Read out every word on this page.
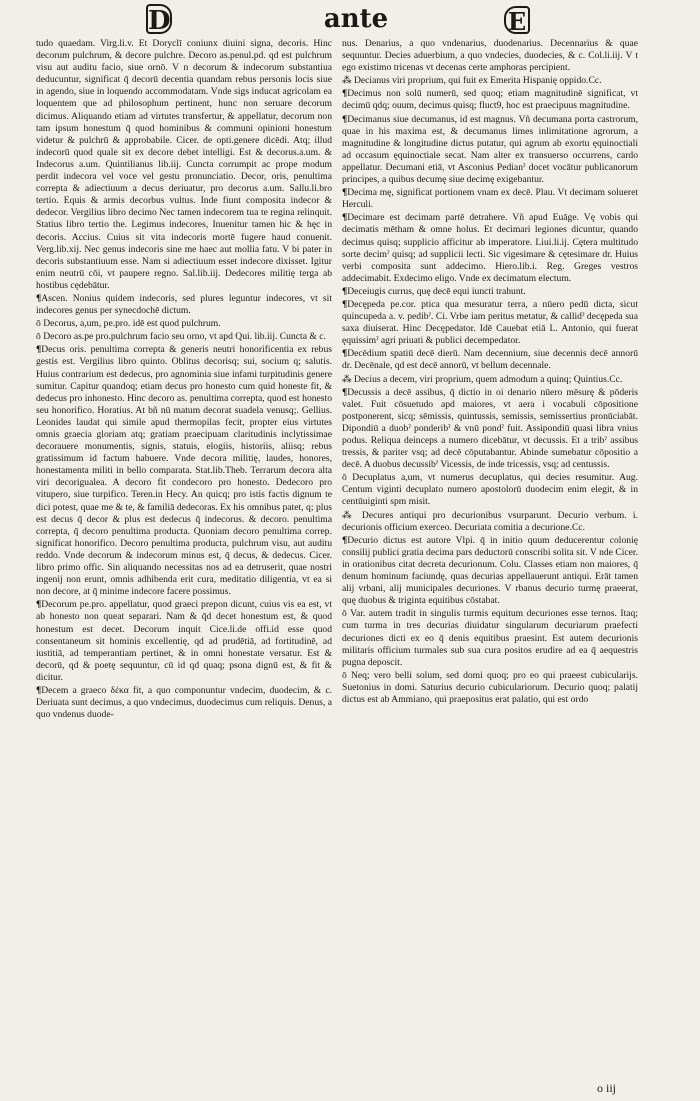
D	ante	E

tudo quaedam. Virg.li.v. Et Doryclī coniunx diuini signa, decoris. Hinc decorum pulchrum, & decore pulchre. Decoro as.penul.pd. qd est pulchrum visu aut auditu facio, siue ornō. V n decorum & indecorum substantiua deducuntur, significat q̄ decorū decentia quandam rebus personis locis siue in agendo, siue in loquendo accommodatam. Vnde sigs inducat agricolam ea loquentem que ad philosophum pertinent, hunc non seruare decorum dicimus. Aliquando etiam ad virtutes transfertur, & appellatur, decorum non tam ipsum honestum q̄ quod hominibus & communi opinioni honestum videtur & pulchrū & approbabile. Cicer. de opti.genere dicēdi. Atq; illud indecorū quod quale sit ex decore debet intelligi. Est & decorus.a.um. & Indecorus a.um. Quintilianus lib.iij. Cuncta corrumpit ac prope modum perdit indecora vel voce vel gestu pronunciatio. Decor, oris, penultima correpta & adiectiuum a decus deriuatur, pro decorus a.um. Sallu.li.bro tertio. Equis & armis decorbus vultus. Inde fiunt composita indecor & dedecor. Vergilius libro decimo Nec tamen indecorem tua te regina relinquit. Statius libro tertio the. Legimus indecores, Inuenitur tamen hic & hęc in decoris. Accius. Cuius sit vita indecoris mortē fugere haud conuenit. Verg.lib.xij. Nec genus indecoris sine me haec aut mollia fatu. V bi pater in decoris substantiuum esse. Nam si adiectiuum esset indecore dixisset. Igitur enim neutrū cōi, vt paupere regno. Sal.lib.iij. Dedecores militię terga ab hostibus cędebātur.

¶ Ascen. Nonius quidem indecoris, sed plures leguntur indecores, vt sit indecores genus per synecdochē dictum.

ō Decorus, a,um, pe.pro. idē est quod pulchrum.

ō Decoro as.pe pro.pulchrum facio seu orno, vt apd Qui. lib.iij. Cuncta & c.

¶ Decus oris. penultima correpta & generis neutri honorificentia ex rebus gestis est. Vergilius libro quinto. Oblitus decorisq; sui, socium q; salutis. Huius contrarium est dedecus, pro agnominia siue infami turpitudinis genere sumitur. Capitur quandoq; etiam decus pro honesto cum quid honeste fit, & dedecus pro inhonesto. Hinc decoro as. penultima correpta, quod est honesto seu honorifico. Horatius. At bñ nū matum decorat suadela venusq;. Gellius. Leonides laudat qui simile apud thermopilas fecit, propter eius virtutes omnis graecia gloriam atq; gratiam praecipuam claritudinis inclytissimae decorauere monumentis, signis, statuis, elogiis, historiis, aliisq; rebus gratissimum id factum habuere. Vnde decora militię, laudes, honores, honestamenta militi in bello comparata. Stat.lib.Theb. Terrarum decora alta viri decorigualea. A decoro fit condecoro pro honesto. Dedecoro pro vitupero, siue turpifico. Teren.in Hecy. An quicq; pro istis factis dignum te dici potest, quae me & te, & familiā dedecoras. Ex his omnibus patet, q; plus est decus q̄ decor & plus est dedecus q̄ indecorus. & decoro. penultima correpta, q̄ decoro penultima producta. Quoniam decoro penultima correp. significat honorifico. Decoro penultima producta, pulchrum visu, aut auditu reddo. Vnde decorum & indecorum minus est, q̄ decus, & dedecus. Cicer. libro primo offic. Sin aliquando necessitas nos ad ea detruserit, quae nostri ingenij non erunt, omnis adhibenda erit cura, meditatio diligentia, vt ea si non decore, at q̄ minime indecore facere possimus.

¶ Decorum pe.pro. appellatur, quod graeci prepon dicunt, cuius vis ea est, vt ab honesto non queat separari. Nam & q̄d decet honestum est, & quod honestum est decet. Decorum inquit Cice.li.de offi.id esse quod consentaneum sit hominis excellentię, qd ad prudētiā, ad fortitudinē, ad iustitiā, ad temperantiam pertinet, & in omni honestate versatur. Est & decorū, qd & poetę sequuntur, cū id qd quaq; psona dignū est, & fit & dicitur.

¶ Decem a graeco δέκα fit, a quo componuntur vndecim, duodecim, & c. Deriuata sunt decimus, a quo vndecimus, duodecimus cum reliquis. Denus, a quo vndenus duode-

nus. Denarius, a quo vndenarius, duodenarius. Decennarius & quae sequuntur. Decies aduerbium, a quo vndecies, duodecies, & c. Col.li.iij. V t ego existimo tricenas vt decenas certe amphoras percipient.

⁂ Decianus viri proprium, qui fuit ex Emerita Hispanię oppido.Cc.

¶ Decimus non solū numerū, sed quoq; etiam magnitudinē significat, vt decimū qdq; ouum, decimus quisq; fluct9, hoc est praecipuus magnitudine.

¶ Decimanus siue decumanus, id est magnus. Vñ decumana porta castrorum, quae in his maxima est, & decumanus limes inlimitatione agrorum, a magnitudine & longitudine dictus putatur, qui agrum ab exortu ęquinoctiali ad occasum ęquinoctiale secat. Nam alter ex transuerso occurrens, cardo appellatur. Decumani etiā, vt Asconius Pedianˀ docet vocātur publicanorum principes, a quibus decumę siue decimę exigebantur.

¶ Decima mę, significat portionem vnam ex decē. Plau. Vt decimam solueret Herculi.

¶ Decimare est decimam partē detrahere. Vñ apud Euāge. Vę vobis qui decimatis mētham & omne holus. Et decimari legiones dicuntur, quando decimus quisq; supplicio afficitur ab imperatore. Liui.li.ij. Cętera multitudo sorte decimˀ quisq; ad supplicii lecti. Sic vigesimare & cętesimare dr. Huius verbi composita sunt addecimo. Hiero.lib.i. Reg. Greges vestros addecimabit. Exdecimo eligo. Vnde ex decimatum electum.

¶ Deceiugis currus, quę decē equi iuncti trahunt.

¶ Decępeda pe.cor. ptica qua mesuratur terra, a nūero pedū dicta, sicut quincupeda a. v. pedibˀ. Ci. Vrbe iam peritus metatur, & callidˀ decępeda sua saxa diuiserat. Hinc Decępedator. Idē Cauebat etiā L. Antonio, qui fuerat ęquissimˀ agri priuati & publici decempedator.

¶ Decēdium spatiū decē dierū. Nam decennium, siue decennis decē annorū dr. Decēnale, qd est decē annorū, vt bellum decennale.

⁂ Decius a decem, viri proprium, quem admodum a quinq; Quintius.Cc.

¶ Decussis a decē assibus, q̄ dictio in oi denario nūero mēsurę & pōderis valet. Fuit cōsuetudo apd maiores, vt aera i vocabuli cōpositione postponerent, sicq; sēmissis, quintussis, semissis, semissertius pronūciabāt. Dipondiū a duobˀ ponderibˀ & vnū pondˀ fuit. Assipondiū quasi libra vnius podus. Reliqua deinceps a numero dicebātur, vt decussis. Et a tribˀ assibus tressis, & pariter vsq; ad decē cōputabantur. Abinde sumebatur cōpositio a decē. A duobus decussibˀ Vicessis, de inde tricessis, vsq; ad centussis.

ō Decuplatus a,um, vt numerus decuplatus, qui decies resumitur. Aug. Centum viginti decuplato numero apostolorū duodecim enim elegit, & in centūuiginti spm misit.

⁂ Decures antiqui pro decurionibus vsurparunt. Decurio verbum. i. decurionis officium exerceo. Decuriata comitia a decurione.Cc.

¶ Decurio dictus est autore Vlpi. q̄ in initio quum deducerentur colonię consilij publici gratia decima pars deductorū conscribi solita sit. V nde Cicer. in orationibus citat decreta decurionum. Colu. Classes etiam non maiores, q̄ denum hominum faciundę, quas decurias appellauerunt antiqui. Erāt tamen alij vrbani, alij municipales decuriones. V rbanus decurio turmę praeerat, quę duobus & triginta equitibus cōstabat.

ō Var. autem tradit in singulis turmis equitum decuriones esse ternos. Itaq; cum turma in tres decurias diuidatur singularum decuriarum praefecti decuriones dicti ex eo q̄ denis equitibus praesint. Est autem decurionis militaris officium turmales sub sua cura positos erudire ad ea q̄ aequestris pugna deposcit.

ō Neq; vero belli solum, sed domi quoq; pro eo qui praeest cubicularijs. Suetonius in domi. Saturius decurio cubiculariorum. Decurio quoq; palatij dictus est ab Ammiano, qui praepositus erat palatio, qui est ordo

o iij
